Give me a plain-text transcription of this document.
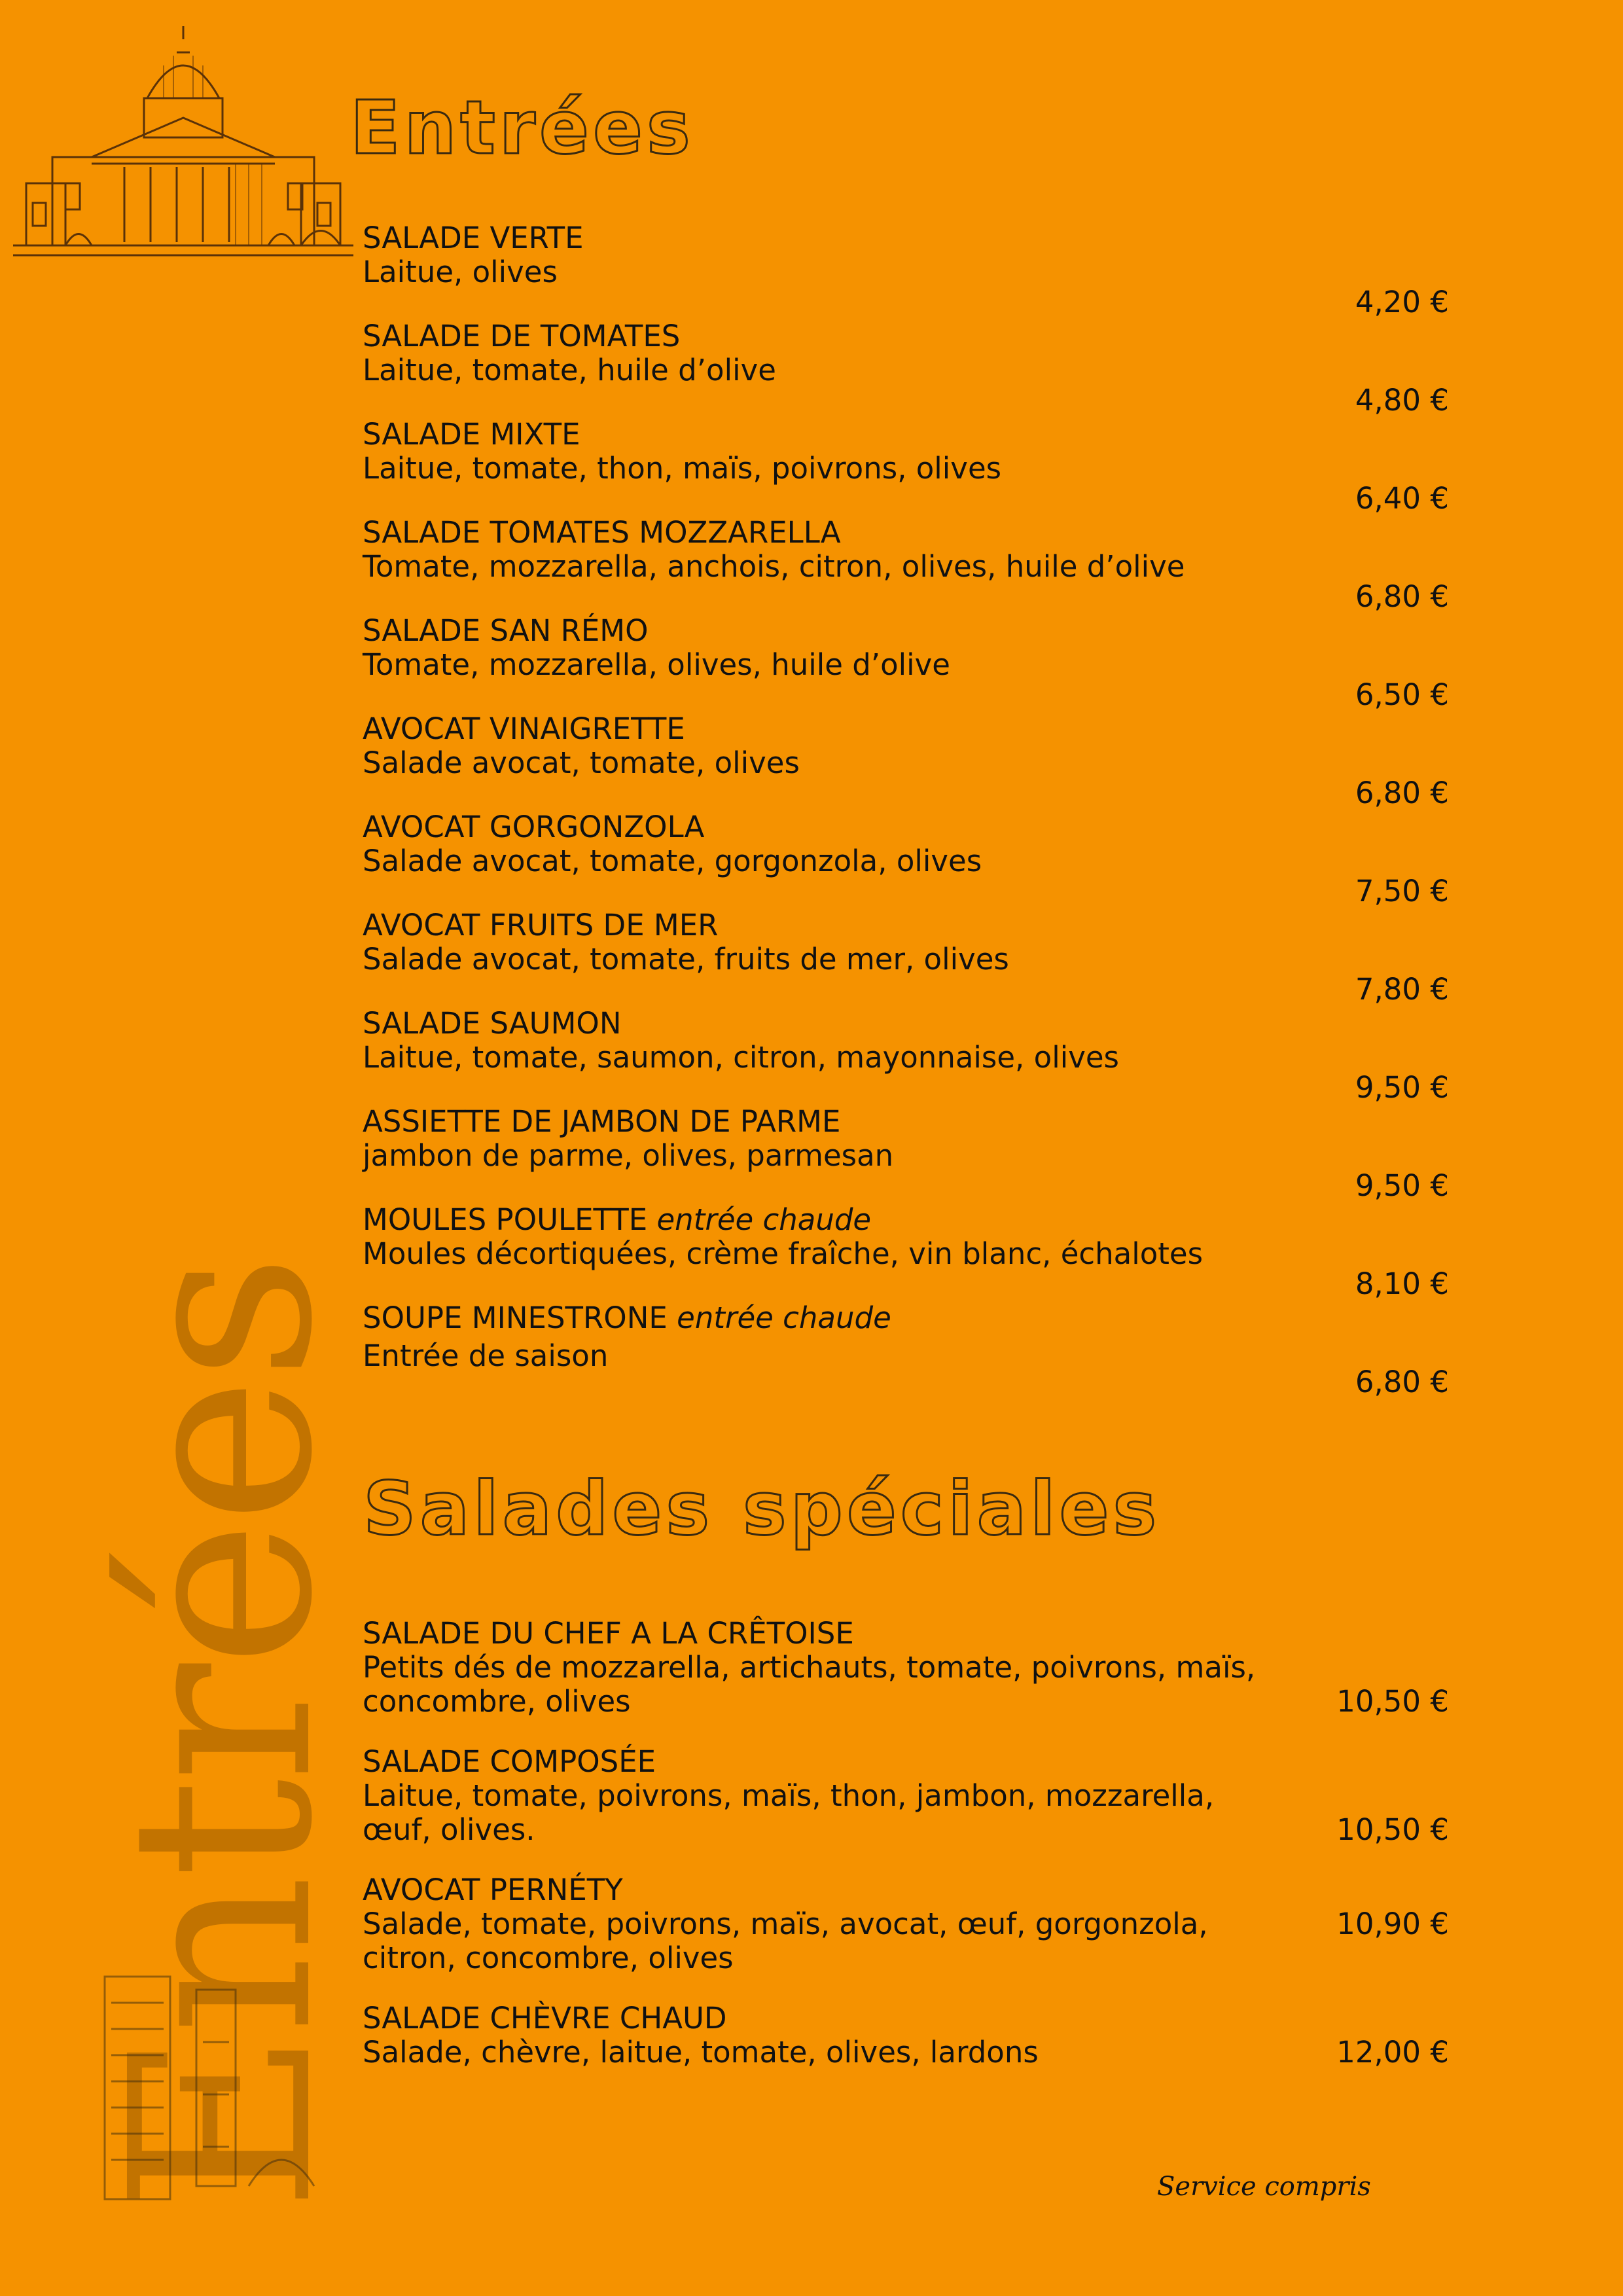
Entrées
Entrées
SALADE VERTE
Laitue, olives
4,20 €
SALADE DE TOMATES
Laitue, tomate, huile d’olive
4,80 €
SALADE MIXTE
Laitue, tomate, thon, maïs, poivrons, olives
6,40 €
SALADE TOMATES MOZZARELLA
Tomate, mozzarella, anchois, citron, olives, huile d’olive
6,80 €
SALADE SAN RÉMO
Tomate, mozzarella, olives, huile d’olive
6,50 €
AVOCAT VINAIGRETTE
Salade avocat, tomate, olives
6,80 €
AVOCAT GORGONZOLA
Salade avocat, tomate, gorgonzola, olives
7,50 €
AVOCAT FRUITS DE MER
Salade avocat, tomate, fruits de mer, olives
7,80 €
SALADE SAUMON
Laitue, tomate, saumon, citron, mayonnaise, olives
9,50 €
ASSIETTE DE JAMBON DE PARME
jambon de parme, olives, parmesan
9,50 €
MOULES POULETTE entrée chaude
Moules décortiquées, crème fraîche, vin blanc, échalotes
8,10 €
SOUPE MINESTRONE entrée chaude
Entrée de saison
6,80 €
Salades spéciales
SALADE DU CHEF A LA CRÊTOISE
Petits dés de mozzarella, artichauts, tomate, poivrons, maïs, concombre, olives	10,50 €
SALADE COMPOSÉE
Laitue, tomate, poivrons, maïs, thon, jambon, mozzarella, œuf, olives.	10,50 €
AVOCAT PERNÉTY
Salade, tomate, poivrons, maïs, avocat, œuf, gorgonzola, citron, concombre, olives
10,90 €
SALADE CHÈVRE CHAUD
Salade, chèvre, laitue, tomate, olives, lardons	12,00 €
Service compris
